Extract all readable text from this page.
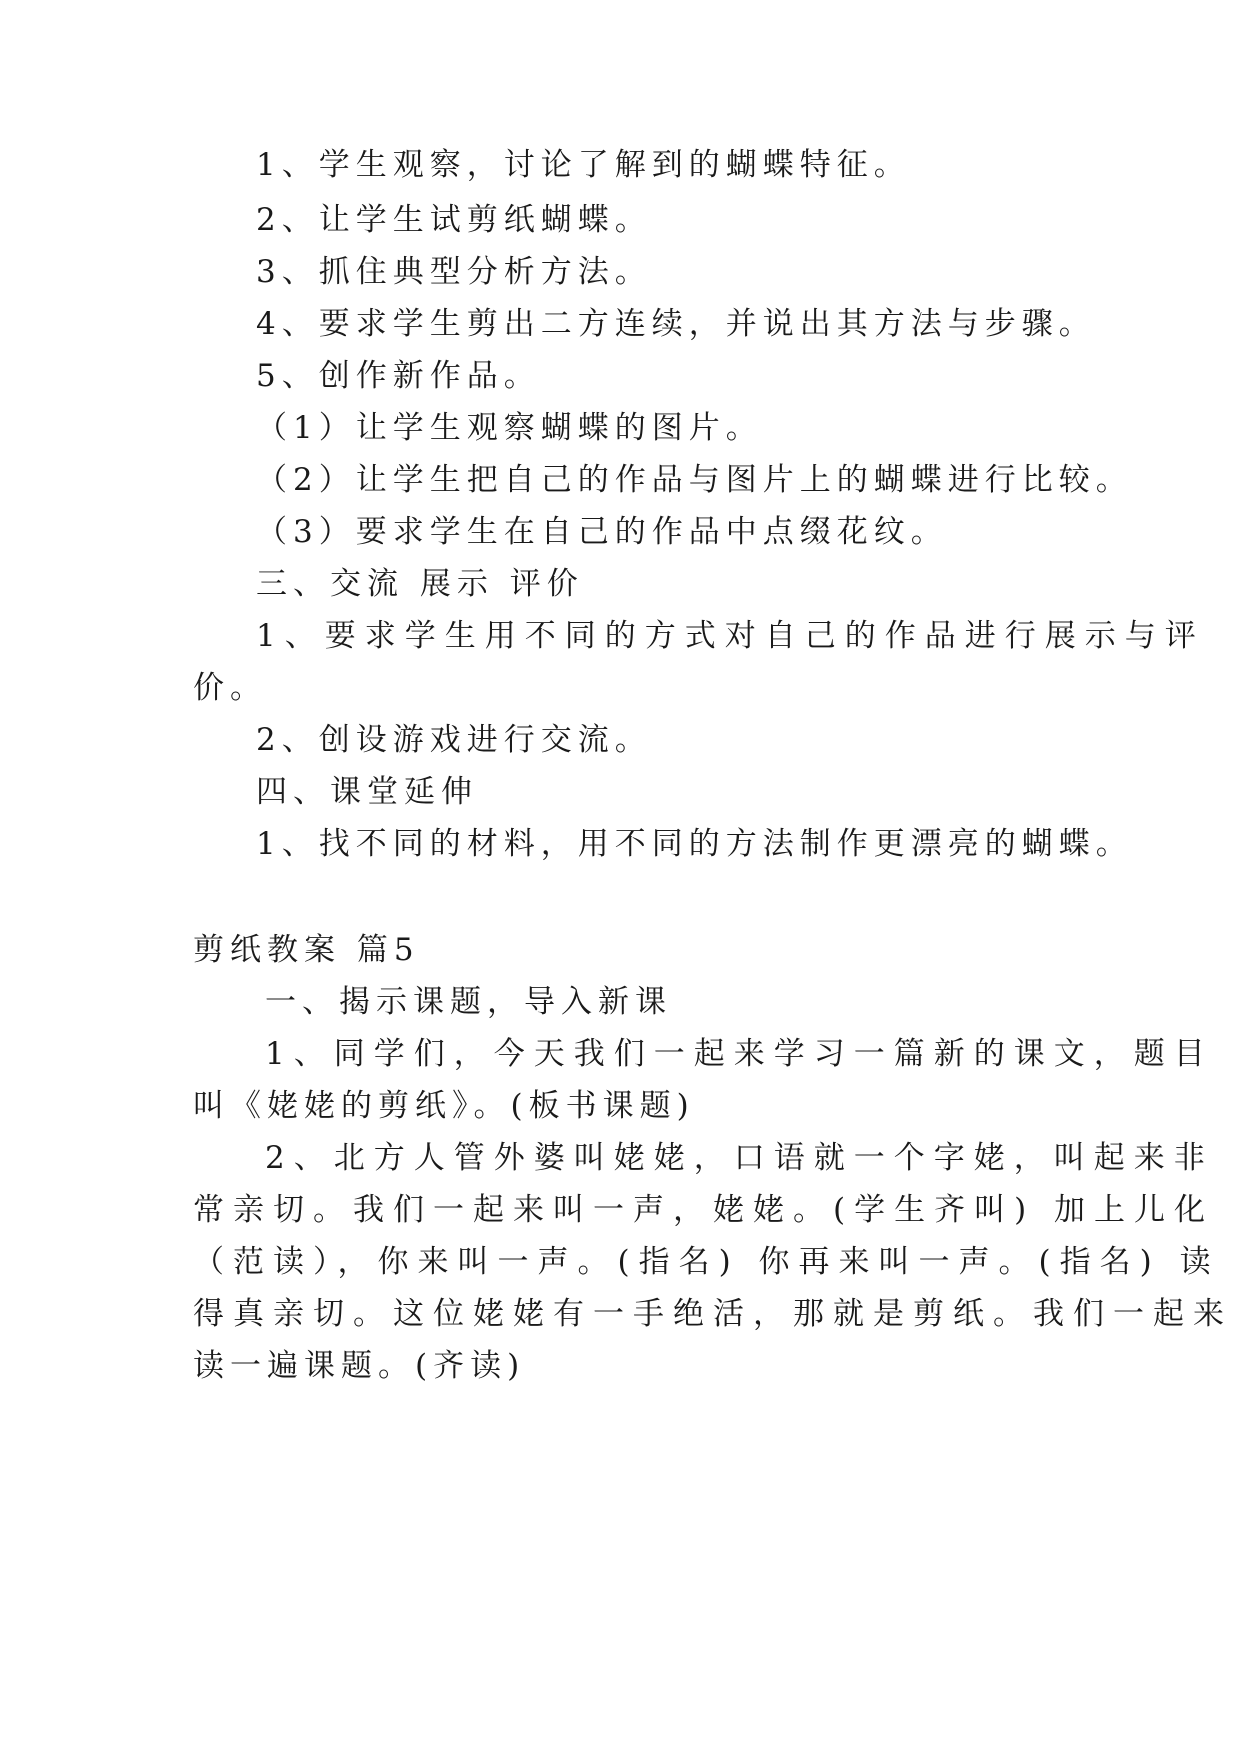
1、学生观察，讨论了解到的蝴蝶特征。
2、让学生试剪纸蝴蝶。
3、抓住典型分析方法。
4、要求学生剪出二方连续，并说出其方法与步骤。
5、创作新作品。
（1）让学生观察蝴蝶的图片。
（2）让学生把自己的作品与图片上的蝴蝶进行比较。
（3）要求学生在自己的作品中点缀花纹。
三、交流 展示 评价
1、要求学生用不同的方式对自己的作品进行展示与评
价。
2、创设游戏进行交流。
四、课堂延伸
1、找不同的材料，用不同的方法制作更漂亮的蝴蝶。
剪纸教案 篇5
一、揭示课题，导入新课
1、同学们，今天我们一起来学习一篇新的课文，题目
叫《姥姥的剪纸》。(板书课题)
2、北方人管外婆叫姥姥，口语就一个字姥，叫起来非
常亲切。我们一起来叫一声，姥姥。(学生齐叫) 加上儿化
（范读），你来叫一声。(指名) 你再来叫一声。(指名) 读
得真亲切。这位姥姥有一手绝活，那就是剪纸。我们一起来
读一遍课题。(齐读)
